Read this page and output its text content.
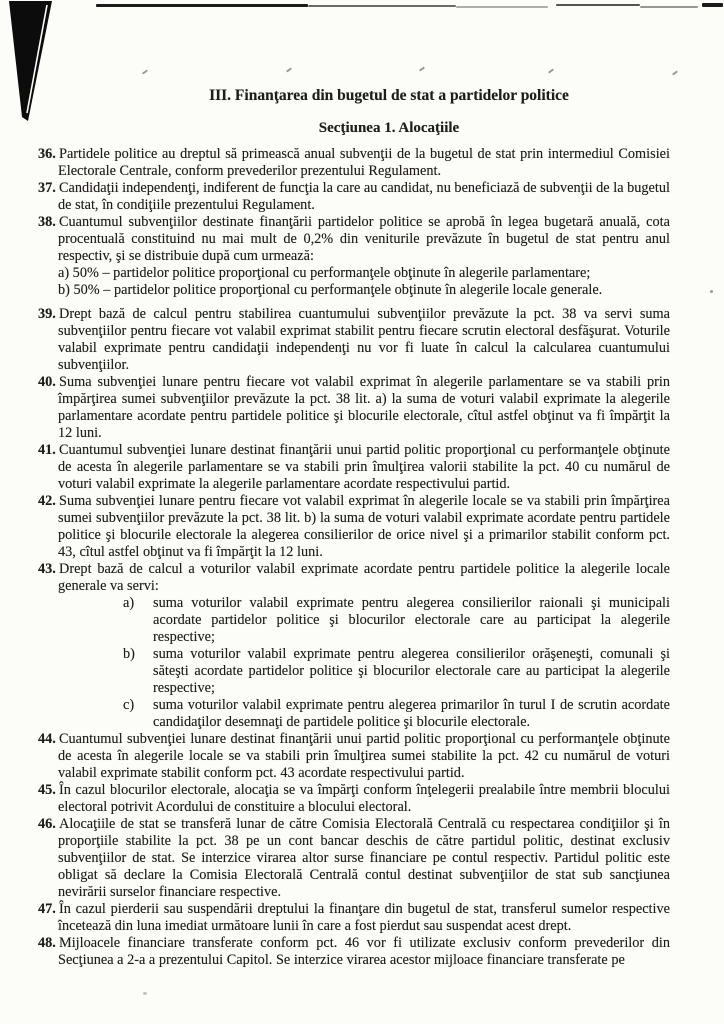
III. Finanţarea din bugetul de stat a partidelor politice
Secţiunea 1. Alocaţiile
36. Partidele politice au dreptul să primească anual subvenţii de la bugetul de stat prin intermediul Comisiei Electorale Centrale, conform prevederilor prezentului Regulament.
37. Candidaţii independenţi, indiferent de funcţia la care au candidat, nu beneficiază de subvenţii de la bugetul de stat, în condiţiile prezentului Regulament.
38. Cuantumul subvenţiilor destinate finanţării partidelor politice se aprobă în legea bugetară anuală, cota procentuală constituind nu mai mult de 0,2% din veniturile prevăzute în bugetul de stat pentru anul respectiv, şi se distribuie după cum urmează:
a) 50% – partidelor politice proporţional cu performanţele obţinute în alegerile parlamentare;
b) 50% – partidelor politice proporţional cu performanţele obţinute în alegerile locale generale.
39. Drept bază de calcul pentru stabilirea cuantumului subvenţiilor prevăzute la pct. 38 va servi suma subvenţiilor pentru fiecare vot valabil exprimat stabilit pentru fiecare scrutin electoral desfăşurat. Voturile valabil exprimate pentru candidaţii independenţi nu vor fi luate în calcul la calcularea cuantumului subvenţiilor.
40. Suma subvenţiei lunare pentru fiecare vot valabil exprimat în alegerile parlamentare se va stabili prin împărţirea sumei subvenţiilor prevăzute la pct. 38 lit. a) la suma de voturi valabil exprimate la alegerile parlamentare acordate pentru partidele politice şi blocurile electorale, cîtul astfel obţinut va fi împărţit la 12 luni.
41. Cuantumul subvenţiei lunare destinat finanţării unui partid politic proporţional cu performanţele obţinute de acesta în alegerile parlamentare se va stabili prin îmulţirea valorii stabilite la pct. 40 cu numărul de voturi valabil exprimate la alegerile parlamentare acordate respectivului partid.
42. Suma subvenţiei lunare pentru fiecare vot valabil exprimat în alegerile locale se va stabili prin împărţirea sumei subvenţiilor prevăzute la pct. 38 lit. b) la suma de voturi valabil exprimate acordate pentru partidele politice şi blocurile electorale la alegerea consilierilor de orice nivel şi a primarilor stabilit conform pct. 43, cîtul astfel obţinut va fi împărţit la 12 luni.
43. Drept bază de calcul a voturilor valabil exprimate acordate pentru partidele politice la alegerile locale generale va servi:
a) suma voturilor valabil exprimate pentru alegerea consilierilor raionali şi municipali acordate partidelor politice şi blocurilor electorale care au participat la alegerile respective;
b) suma voturilor valabil exprimate pentru alegerea consilierilor orăşeneşti, comunali şi săteşti acordate partidelor politice şi blocurilor electorale care au participat la alegerile respective;
c) suma voturilor valabil exprimate pentru alegerea primarilor în turul I de scrutin acordate candidaţilor desemnaţi de partidele politice şi blocurile electorale.
44. Cuantumul subvenţiei lunare destinat finanţării unui partid politic proporţional cu performanţele obţinute de acesta în alegerile locale se va stabili prin îmulţirea sumei stabilite la pct. 42 cu numărul de voturi valabil exprimate stabilit conform pct. 43 acordate respectivului partid.
45. În cazul blocurilor electorale, alocaţia se va împărţi conform înţelegerii prealabile între membrii blocului electoral potrivit Acordului de constituire a blocului electoral.
46. Alocaţiile de stat se transferă lunar de către Comisia Electorală Centrală cu respectarea condiţiilor şi în proporţiile stabilite la pct. 38 pe un cont bancar deschis de către partidul politic, destinat exclusiv subvenţiilor de stat. Se interzice virarea altor surse financiare pe contul respectiv. Partidul politic este obligat să declare la Comisia Electorală Centrală contul destinat subvenţiilor de stat sub sancţiunea nevirării surselor financiare respective.
47. În cazul pierderii sau suspendării dreptului la finanţare din bugetul de stat, transferul sumelor respective încetează din luna imediat următoare lunii în care a fost pierdut sau suspendat acest drept.
48. Mijloacele financiare transferate conform pct. 46 vor fi utilizate exclusiv conform prevederilor din Secţiunea a 2-a a prezentului Capitol. Se interzice virarea acestor mijloace financiare transferate pe
